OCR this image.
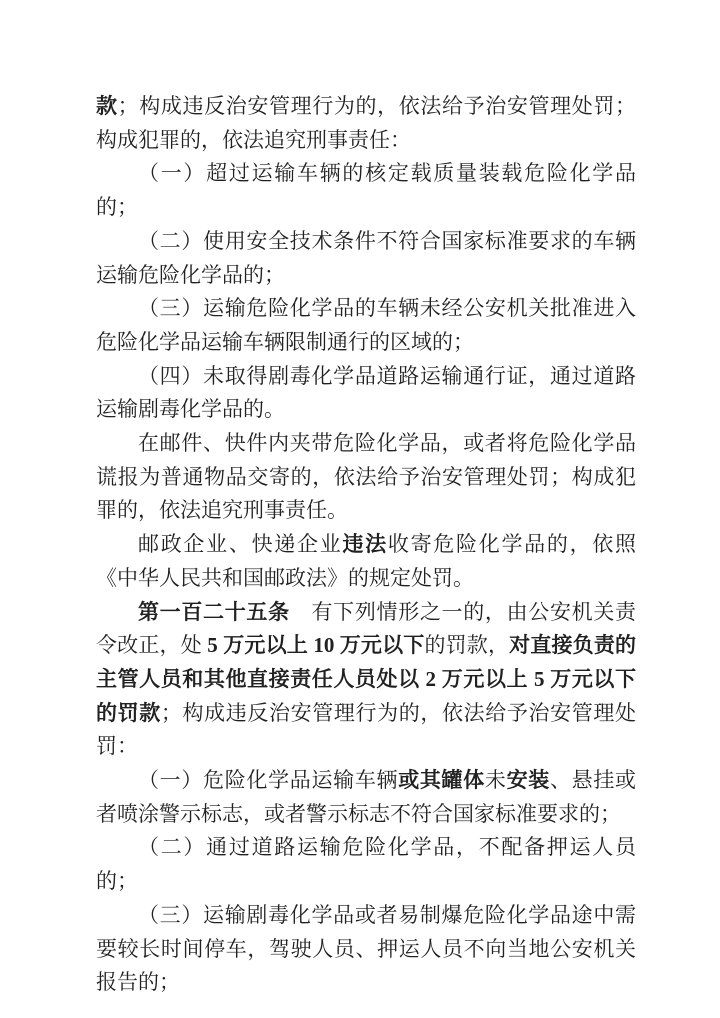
款；构成违反治安管理行为的，依法给予治安管理处罚；构成犯罪的，依法追究刑事责任：

（一）超过运输车辆的核定载质量装载危险化学品的；

（二）使用安全技术条件不符合国家标准要求的车辆运输危险化学品的；

（三）运输危险化学品的车辆未经公安机关批准进入危险化学品运输车辆限制通行的区域的；

（四）未取得剧毒化学品道路运输通行证，通过道路运输剧毒化学品的。

在邮件、快件内夹带危险化学品，或者将危险化学品谎报为普通物品交寄的，依法给予治安管理处罚；构成犯罪的，依法追究刑事责任。

邮政企业、快递企业违法收寄危险化学品的，依照《中华人民共和国邮政法》的规定处罚。

第一百二十五条　有下列情形之一的，由公安机关责令改正，处 5 万元以上 10 万元以下的罚款，对直接负责的主管人员和其他直接责任人员处以 2 万元以上 5 万元以下的罚款；构成违反治安管理行为的，依法给予治安管理处罚：

（一）危险化学品运输车辆或其罐体未安装、悬挂或者喷涂警示标志，或者警示标志不符合国家标准要求的；

（二）通过道路运输危险化学品，不配备押运人员的；

（三）运输剧毒化学品或者易制爆危险化学品途中需要较长时间停车，驾驶人员、押运人员不向当地公安机关报告的；
